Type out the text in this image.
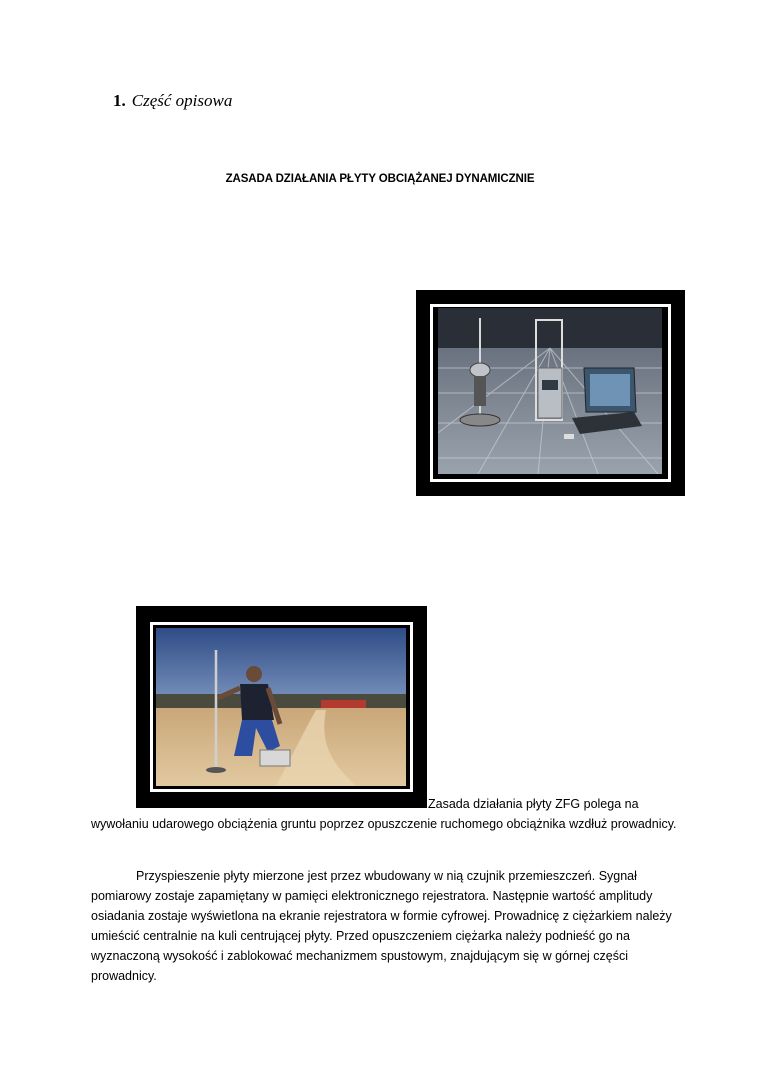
1. Część opisowa
ZASADA DZIAŁANIA PŁYTY OBCIĄŻANEJ DYNAMICZNIE
Zasada działania płyty ZFG polega na
wywołaniu udarowego obciążenia gruntu poprzez opuszczenie ruchomego obciążnika wzdłuż prowadnicy.
Przyspieszenie płyty mierzone jest przez wbudowany w nią czujnik przemieszczeń. Sygnał pomiarowy zostaje zapamiętany w pamięci elektronicznego rejestratora. Następnie wartość amplitudy osiadania zostaje wyświetlona na ekranie rejestratora w formie cyfrowej. Prowadnicę z ciężarkiem należy umieścić centralnie na kuli centrującej płyty. Przed opuszczeniem ciężarka należy podnieść go na wyznaczoną wysokość i zablokować mechanizmem spustowym, znajdującym się w górnej części prowadnicy.
